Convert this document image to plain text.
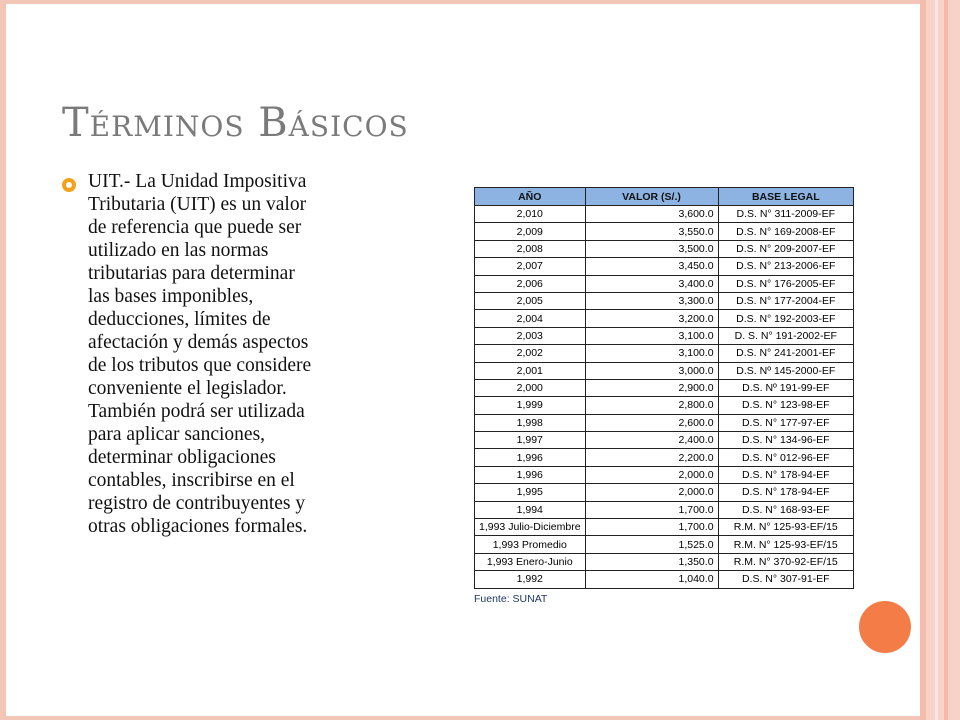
Términos Básicos
UIT.- La Unidad Impositiva
Tributaria (UIT) es un valor
de referencia que puede ser
utilizado en las normas
tributarias para determinar
las bases imponibles,
deducciones, límites de
afectación y demás aspectos
de los tributos que considere
conveniente el legislador.
También podrá ser utilizada
para aplicar sanciones,
determinar obligaciones
contables, inscribirse en el
registro de contribuyentes y
otras obligaciones formales.
AÑO	VALOR (S/.)	BASE LEGAL
2,010	3,600.0	D.S. N° 311-2009-EF
2,009	3,550.0	D.S. N° 169-2008-EF
2,008	3,500.0	D.S. N° 209-2007-EF
2,007	3,450.0	D.S. N° 213-2006-EF
2,006	3,400.0	D.S. N° 176-2005-EF
2,005	3,300.0	D.S. N° 177-2004-EF
2,004	3,200.0	D.S. N° 192-2003-EF
2,003	3,100.0	D. S. N° 191-2002-EF
2,002	3,100.0	D.S. N° 241-2001-EF
2,001	3,000.0	D.S. Nº 145-2000-EF
2,000	2,900.0	D.S. Nº 191-99-EF
1,999	2,800.0	D.S. N° 123-98-EF
1,998	2,600.0	D.S. N° 177-97-EF
1,997	2,400.0	D.S. N° 134-96-EF
1,996	2,200.0	D.S. N° 012-96-EF
1,996	2,000.0	D.S. N° 178-94-EF
1,995	2,000.0	D.S. N° 178-94-EF
1,994	1,700.0	D.S. N° 168-93-EF
1,993 Julio-Diciembre	1,700.0	R.M. N° 125-93-EF/15
1,993 Promedio	1,525.0	R.M. N° 125-93-EF/15
1,993 Enero-Junio	1,350.0	R.M. N° 370-92-EF/15
1,992	1,040.0	D.S. N° 307-91-EF
Fuente: SUNAT
